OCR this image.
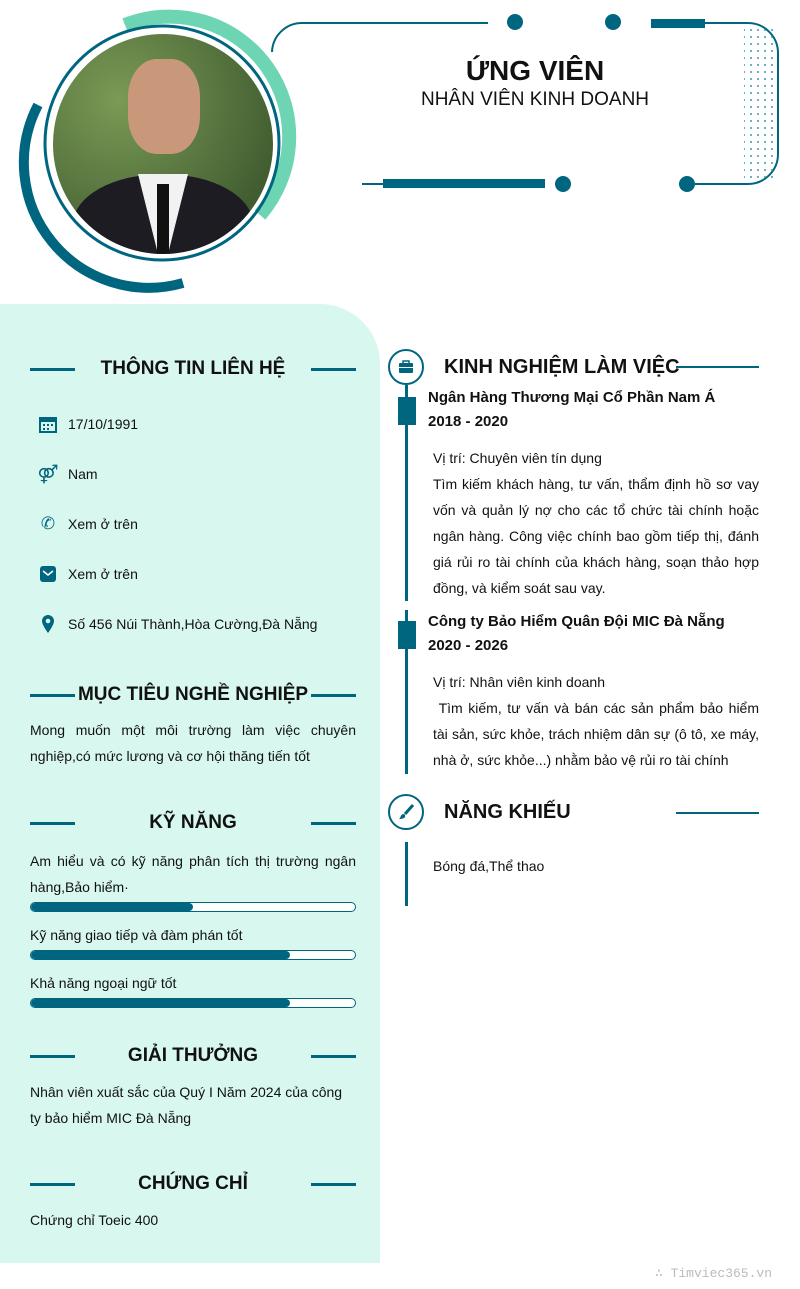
ỨNG VIÊN
NHÂN VIÊN KINH DOANH
THÔNG TIN LIÊN HỆ
17/10/1991
⚤ Nam
✆ Xem ở trên
Xem ở trên
Số 456 Núi Thành,Hòa Cường,Đà Nẵng
MỤC TIÊU NGHỀ NGHIỆP
Mong muốn một môi trường làm việc chuyên nghiệp,có mức lương và cơ hội thăng tiến tốt
KỸ NĂNG
Am hiểu và có kỹ năng phân tích thị trường ngân hàng,Bảo hiểm·
Kỹ năng giao tiếp và đàm phán tốt
Khả năng ngoại ngữ tốt
GIẢI THƯỞNG
Nhân viên xuất sắc của Quý I Năm 2024 của công ty bảo hiểm MIC Đà Nẵng
CHỨNG CHỈ
Chứng chỉ Toeic 400
KINH NGHIỆM LÀM VIỆC
Ngân Hàng Thương Mại Cổ Phần Nam Á
2018 - 2020
Vị trí: Chuyên viên tín dụng
Tìm kiếm khách hàng, tư vấn, thẩm định hồ sơ vay vốn và quản lý nợ cho các tổ chức tài chính hoặc ngân hàng. Công việc chính bao gồm tiếp thị, đánh giá rủi ro tài chính của khách hàng, soạn thảo hợp đồng, và kiểm soát sau vay.
Công ty Bảo Hiểm Quân Đội MIC Đà Nẵng
2020 - 2026
Vị trí: Nhân viên kinh doanh
Tìm kiếm, tư vấn và bán các sản phẩm bảo hiểm tài sản, sức khỏe, trách nhiệm dân sự (ô tô, xe máy, nhà ở, sức khỏe...) nhằm bảo vệ rủi ro tài chính
NĂNG KHIẾU
Bóng đá,Thể thao
∴ Timviec365.vn
